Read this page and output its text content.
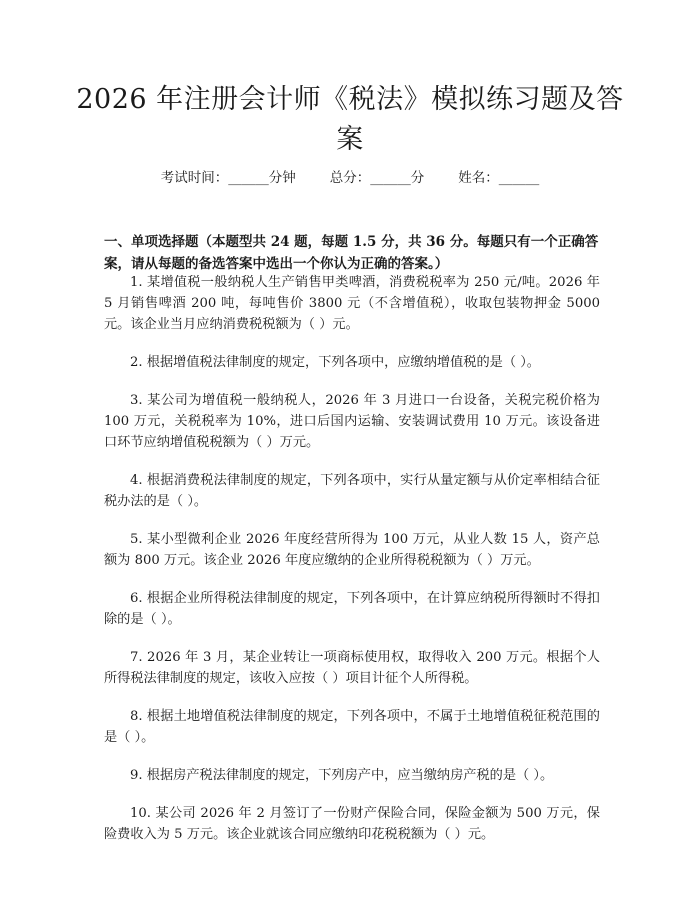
2026 年注册会计师《税法》模拟练习题及答案
考试时间：______分钟	总分：______分	姓名：______
一、单项选择题（本题型共 24 题，每题 1.5 分，共 36 分。每题只有一个正确答案，请从每题的备选答案中选出一个你认为正确的答案。）
1. 某增值税一般纳税人生产销售甲类啤酒，消费税税率为 250 元/吨。2026 年 5 月销售啤酒 200 吨，每吨售价 3800 元（不含增值税），收取包装物押金 5000 元。该企业当月应纳消费税税额为（ ）元。
2. 根据增值税法律制度的规定，下列各项中，应缴纳增值税的是（ ）。
3. 某公司为增值税一般纳税人，2026 年 3 月进口一台设备，关税完税价格为 100 万元，关税税率为 10%，进口后国内运输、安装调试费用 10 万元。该设备进口环节应纳增值税税额为（ ）万元。
4. 根据消费税法律制度的规定，下列各项中，实行从量定额与从价定率相结合征税办法的是（ ）。
5. 某小型微利企业 2026 年度经营所得为 100 万元，从业人数 15 人，资产总额为 800 万元。该企业 2026 年度应缴纳的企业所得税税额为（ ）万元。
6. 根据企业所得税法律制度的规定，下列各项中，在计算应纳税所得额时不得扣除的是（ ）。
7. 2026 年 3 月，某企业转让一项商标使用权，取得收入 200 万元。根据个人所得税法律制度的规定，该收入应按（ ）项目计征个人所得税。
8. 根据土地增值税法律制度的规定，下列各项中，不属于土地增值税征税范围的是（ ）。
9. 根据房产税法律制度的规定，下列房产中，应当缴纳房产税的是（ ）。
10. 某公司 2026 年 2 月签订了一份财产保险合同，保险金额为 500 万元，保险费收入为 5 万元。该企业就该合同应缴纳印花税税额为（ ）元。
